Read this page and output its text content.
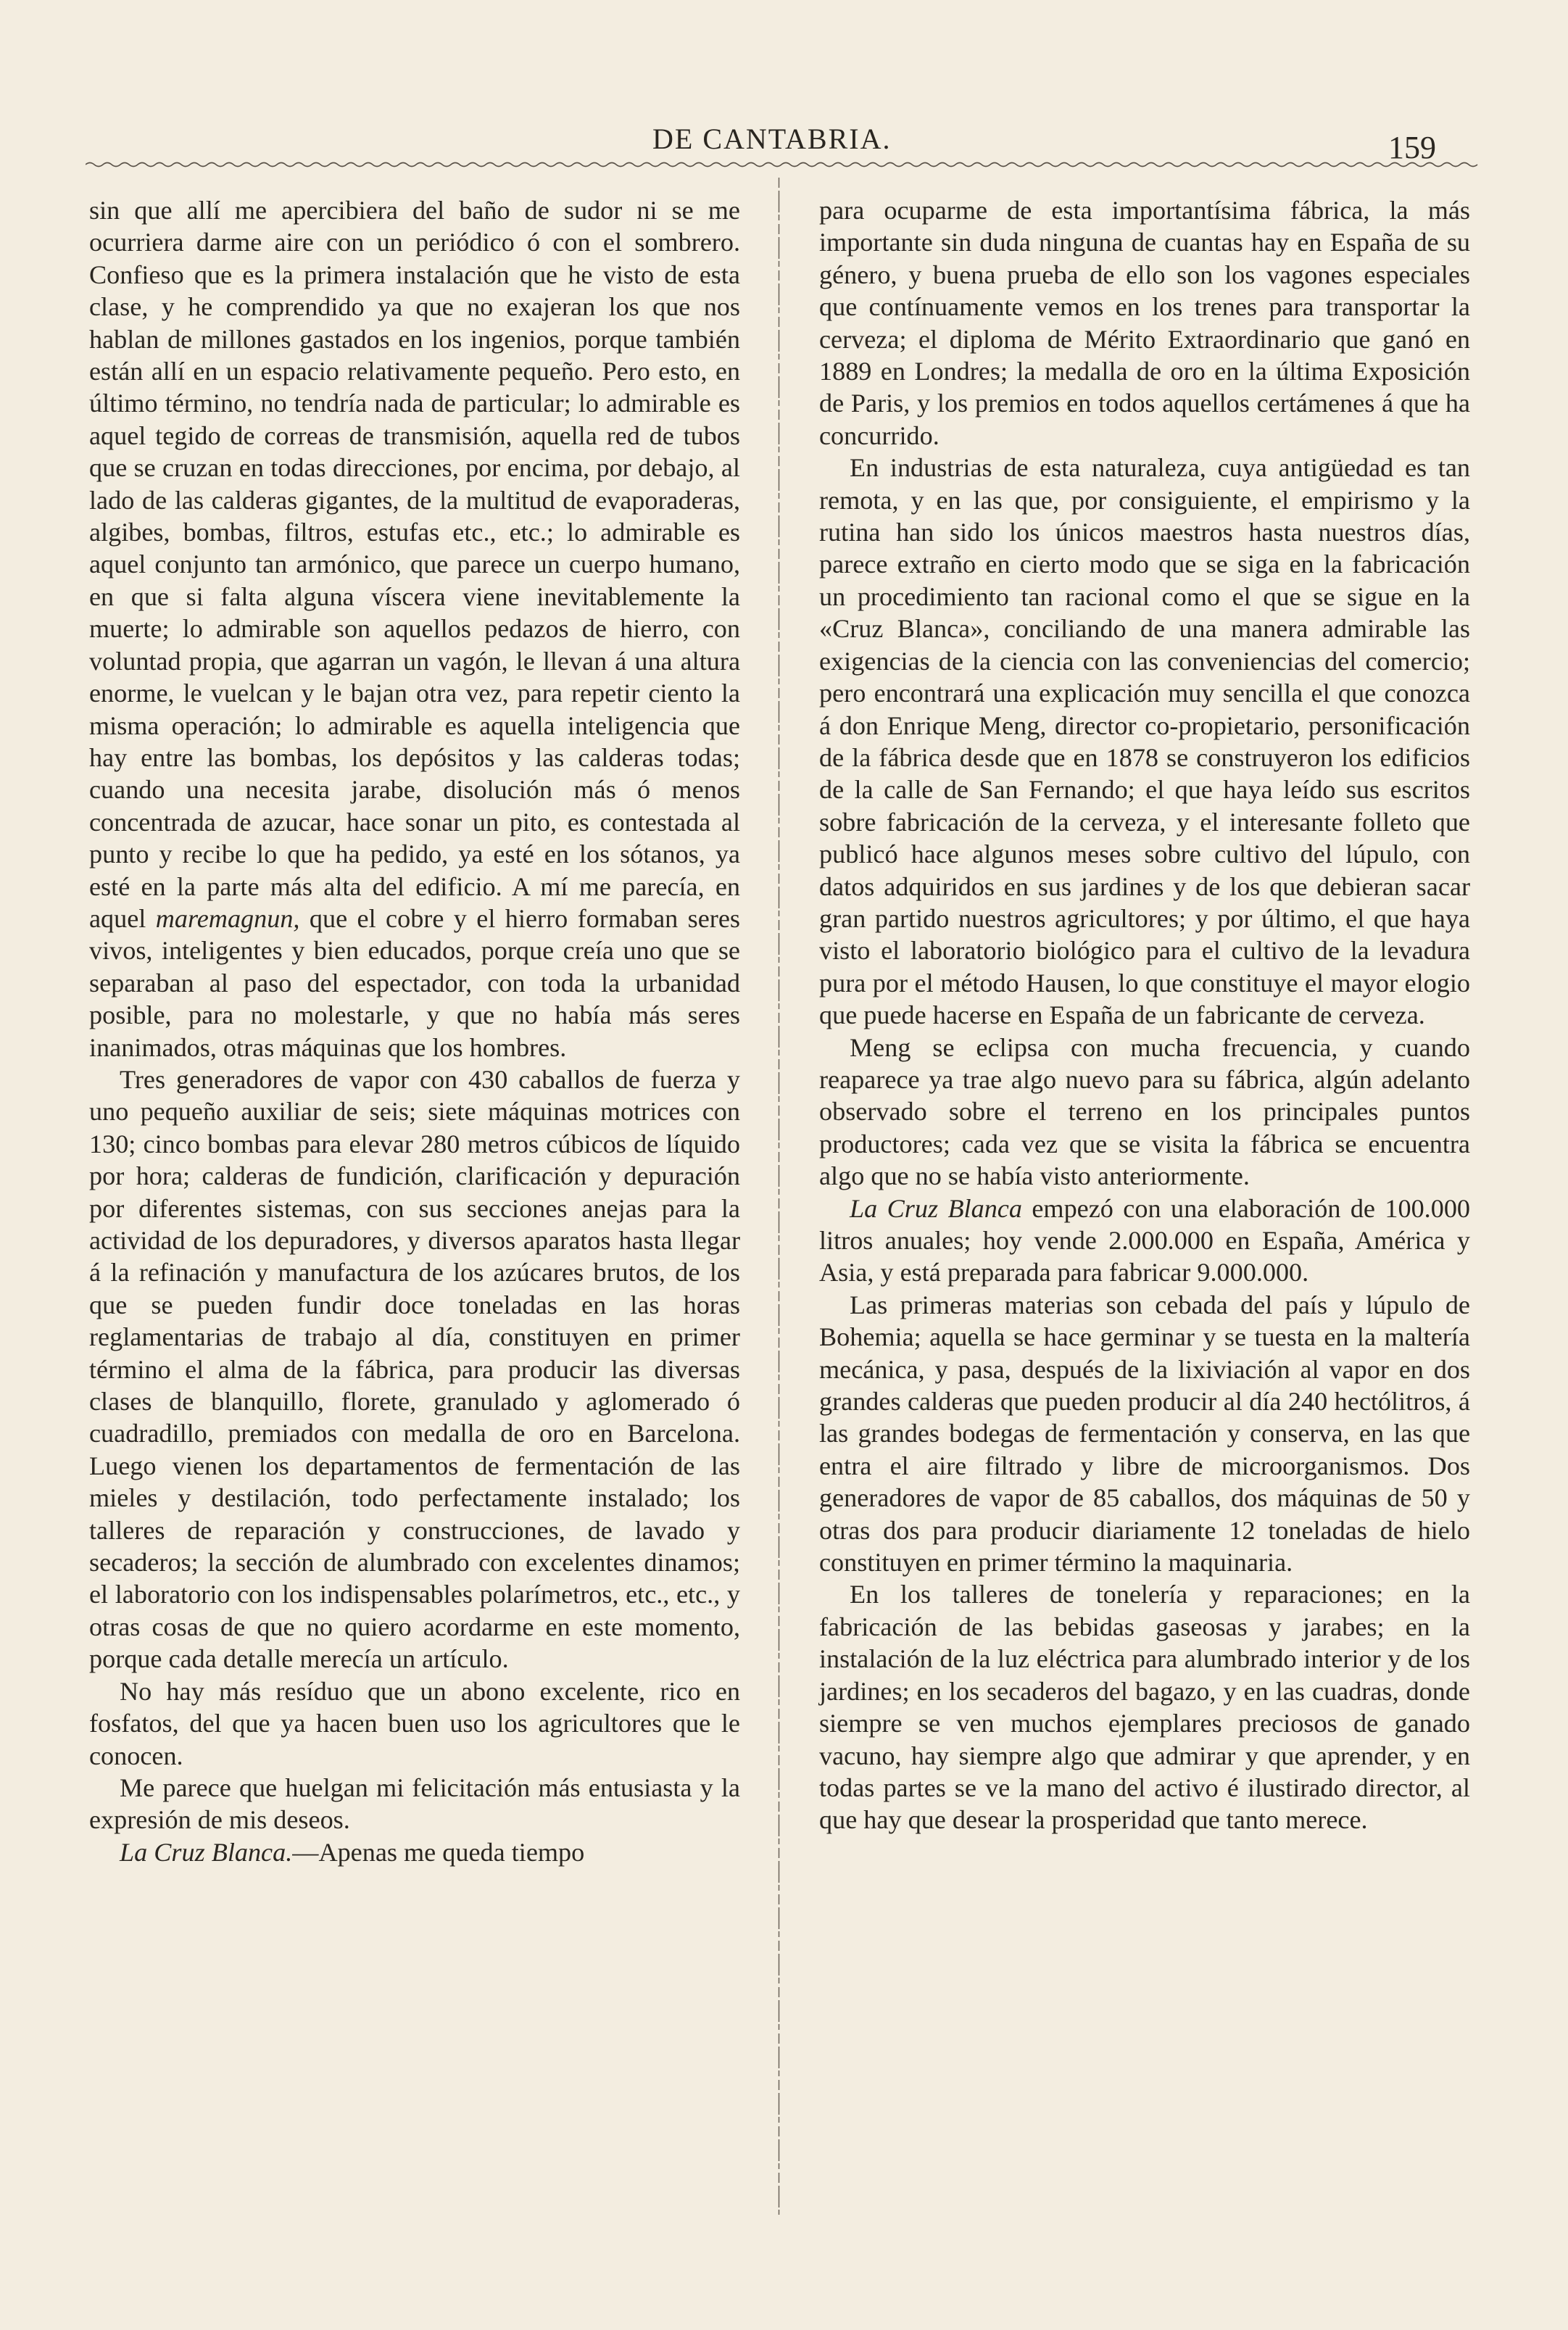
DE CANTABRIA.	159

sin que allí me apercibiera del baño de sudor ni se me ocurriera darme aire con un periódico ó con el sombrero. Confieso que es la primera instalación que he visto de esta clase, y he comprendido ya que no exajeran los que nos hablan de millones gastados en los ingenios, porque también están allí en un espacio relativamente pequeño. Pero esto, en último término, no tendría nada de particular; lo admirable es aquel tegido de correas de transmisión, aquella red de tubos que se cruzan en todas direcciones, por encima, por debajo, al lado de las calderas gigantes, de la multitud de evaporaderas, algibes, bombas, filtros, estufas etc., etc.; lo admirable es aquel conjunto tan armónico, que parece un cuerpo humano, en que si falta alguna víscera viene inevitablemente la muerte; lo admirable son aquellos pedazos de hierro, con voluntad propia, que agarran un vagón, le llevan á una altura enorme, le vuelcan y le bajan otra vez, para repetir ciento la misma operación; lo admirable es aquella inteligencia que hay entre las bombas, los depósitos y las calderas todas; cuando una necesita jarabe, disolución más ó menos concentrada de azucar, hace sonar un pito, es contestada al punto y recibe lo que ha pedido, ya esté en los sótanos, ya esté en la parte más alta del edificio. A mí me parecía, en aquel maremagnun, que el cobre y el hierro formaban seres vivos, inteligentes y bien educados, porque creía uno que se separaban al paso del espectador, con toda la urbanidad posible, para no molestarle, y que no había más seres inanimados, otras máquinas que los hombres.

Tres generadores de vapor con 430 caballos de fuerza y uno pequeño auxiliar de seis; siete máquinas motrices con 130; cinco bombas para elevar 280 metros cúbicos de líquido por hora; calderas de fundición, clarificación y depuración por diferentes sistemas, con sus secciones anejas para la actividad de los depuradores, y diversos aparatos hasta llegar á la refinación y manufactura de los azúcares brutos, de los que se pueden fundir doce toneladas en las horas reglamentarias de trabajo al día, constituyen en primer término el alma de la fábrica, para producir las diversas clases de blanquillo, florete, granulado y aglomerado ó cuadradillo, premiados con medalla de oro en Barcelona. Luego vienen los departamentos de fermentación de las mieles y destilación, todo perfectamente instalado; los talleres de reparación y construcciones, de lavado y secaderos; la sección de alumbrado con excelentes dinamos; el laboratorio con los indispensables polarímetros, etc., etc., y otras cosas de que no quiero acordarme en este momento, porque cada detalle merecía un artículo.

No hay más resíduo que un abono excelente, rico en fosfatos, del que ya hacen buen uso los agricultores que le conocen.

Me parece que huelgan mi felicitación más entusiasta y la expresión de mis deseos.

La Cruz Blanca.—Apenas me queda tiempo

para ocuparme de esta importantísima fábrica, la más importante sin duda ninguna de cuantas hay en España de su género, y buena prueba de ello son los vagones especiales que contínuamente vemos en los trenes para transportar la cerveza; el diploma de Mérito Extraordinario que ganó en 1889 en Londres; la medalla de oro en la última Exposición de Paris, y los premios en todos aquellos certámenes á que ha concurrido.

En industrias de esta naturaleza, cuya antigüedad es tan remota, y en las que, por consiguiente, el empirismo y la rutina han sido los únicos maestros hasta nuestros días, parece extraño en cierto modo que se siga en la fabricación un procedimiento tan racional como el que se sigue en la «Cruz Blanca», conciliando de una manera admirable las exigencias de la ciencia con las conveniencias del comercio; pero encontrará una explicación muy sencilla el que conozca á don Enrique Meng, director co-propietario, personificación de la fábrica desde que en 1878 se construyeron los edificios de la calle de San Fernando; el que haya leído sus escritos sobre fabricación de la cerveza, y el interesante folleto que publicó hace algunos meses sobre cultivo del lúpulo, con datos adquiridos en sus jardines y de los que debieran sacar gran partido nuestros agricultores; y por último, el que haya visto el laboratorio biológico para el cultivo de la levadura pura por el método Hausen, lo que constituye el mayor elogio que puede hacerse en España de un fabricante de cerveza.

Meng se eclipsa con mucha frecuencia, y cuando reaparece ya trae algo nuevo para su fábrica, algún adelanto observado sobre el terreno en los principales puntos productores; cada vez que se visita la fábrica se encuentra algo que no se había visto anteriormente.

La Cruz Blanca empezó con una elaboración de 100.000 litros anuales; hoy vende 2.000.000 en España, América y Asia, y está preparada para fabricar 9.000.000.

Las primeras materias son cebada del país y lúpulo de Bohemia; aquella se hace germinar y se tuesta en la maltería mecánica, y pasa, después de la lixiviación al vapor en dos grandes calderas que pueden producir al día 240 hectólitros, á las grandes bodegas de fermentación y conserva, en las que entra el aire filtrado y libre de microorganismos. Dos generadores de vapor de 85 caballos, dos máquinas de 50 y otras dos para producir diariamente 12 toneladas de hielo constituyen en primer término la maquinaria.

En los talleres de tonelería y reparaciones; en la fabricación de las bebidas gaseosas y jarabes; en la instalación de la luz eléctrica para alumbrado interior y de los jardines; en los secaderos del bagazo, y en las cuadras, donde siempre se ven muchos ejemplares preciosos de ganado vacuno, hay siempre algo que admirar y que aprender, y en todas partes se ve la mano del activo é ilustirado director, al que hay que desear la prosperidad que tanto merece.
